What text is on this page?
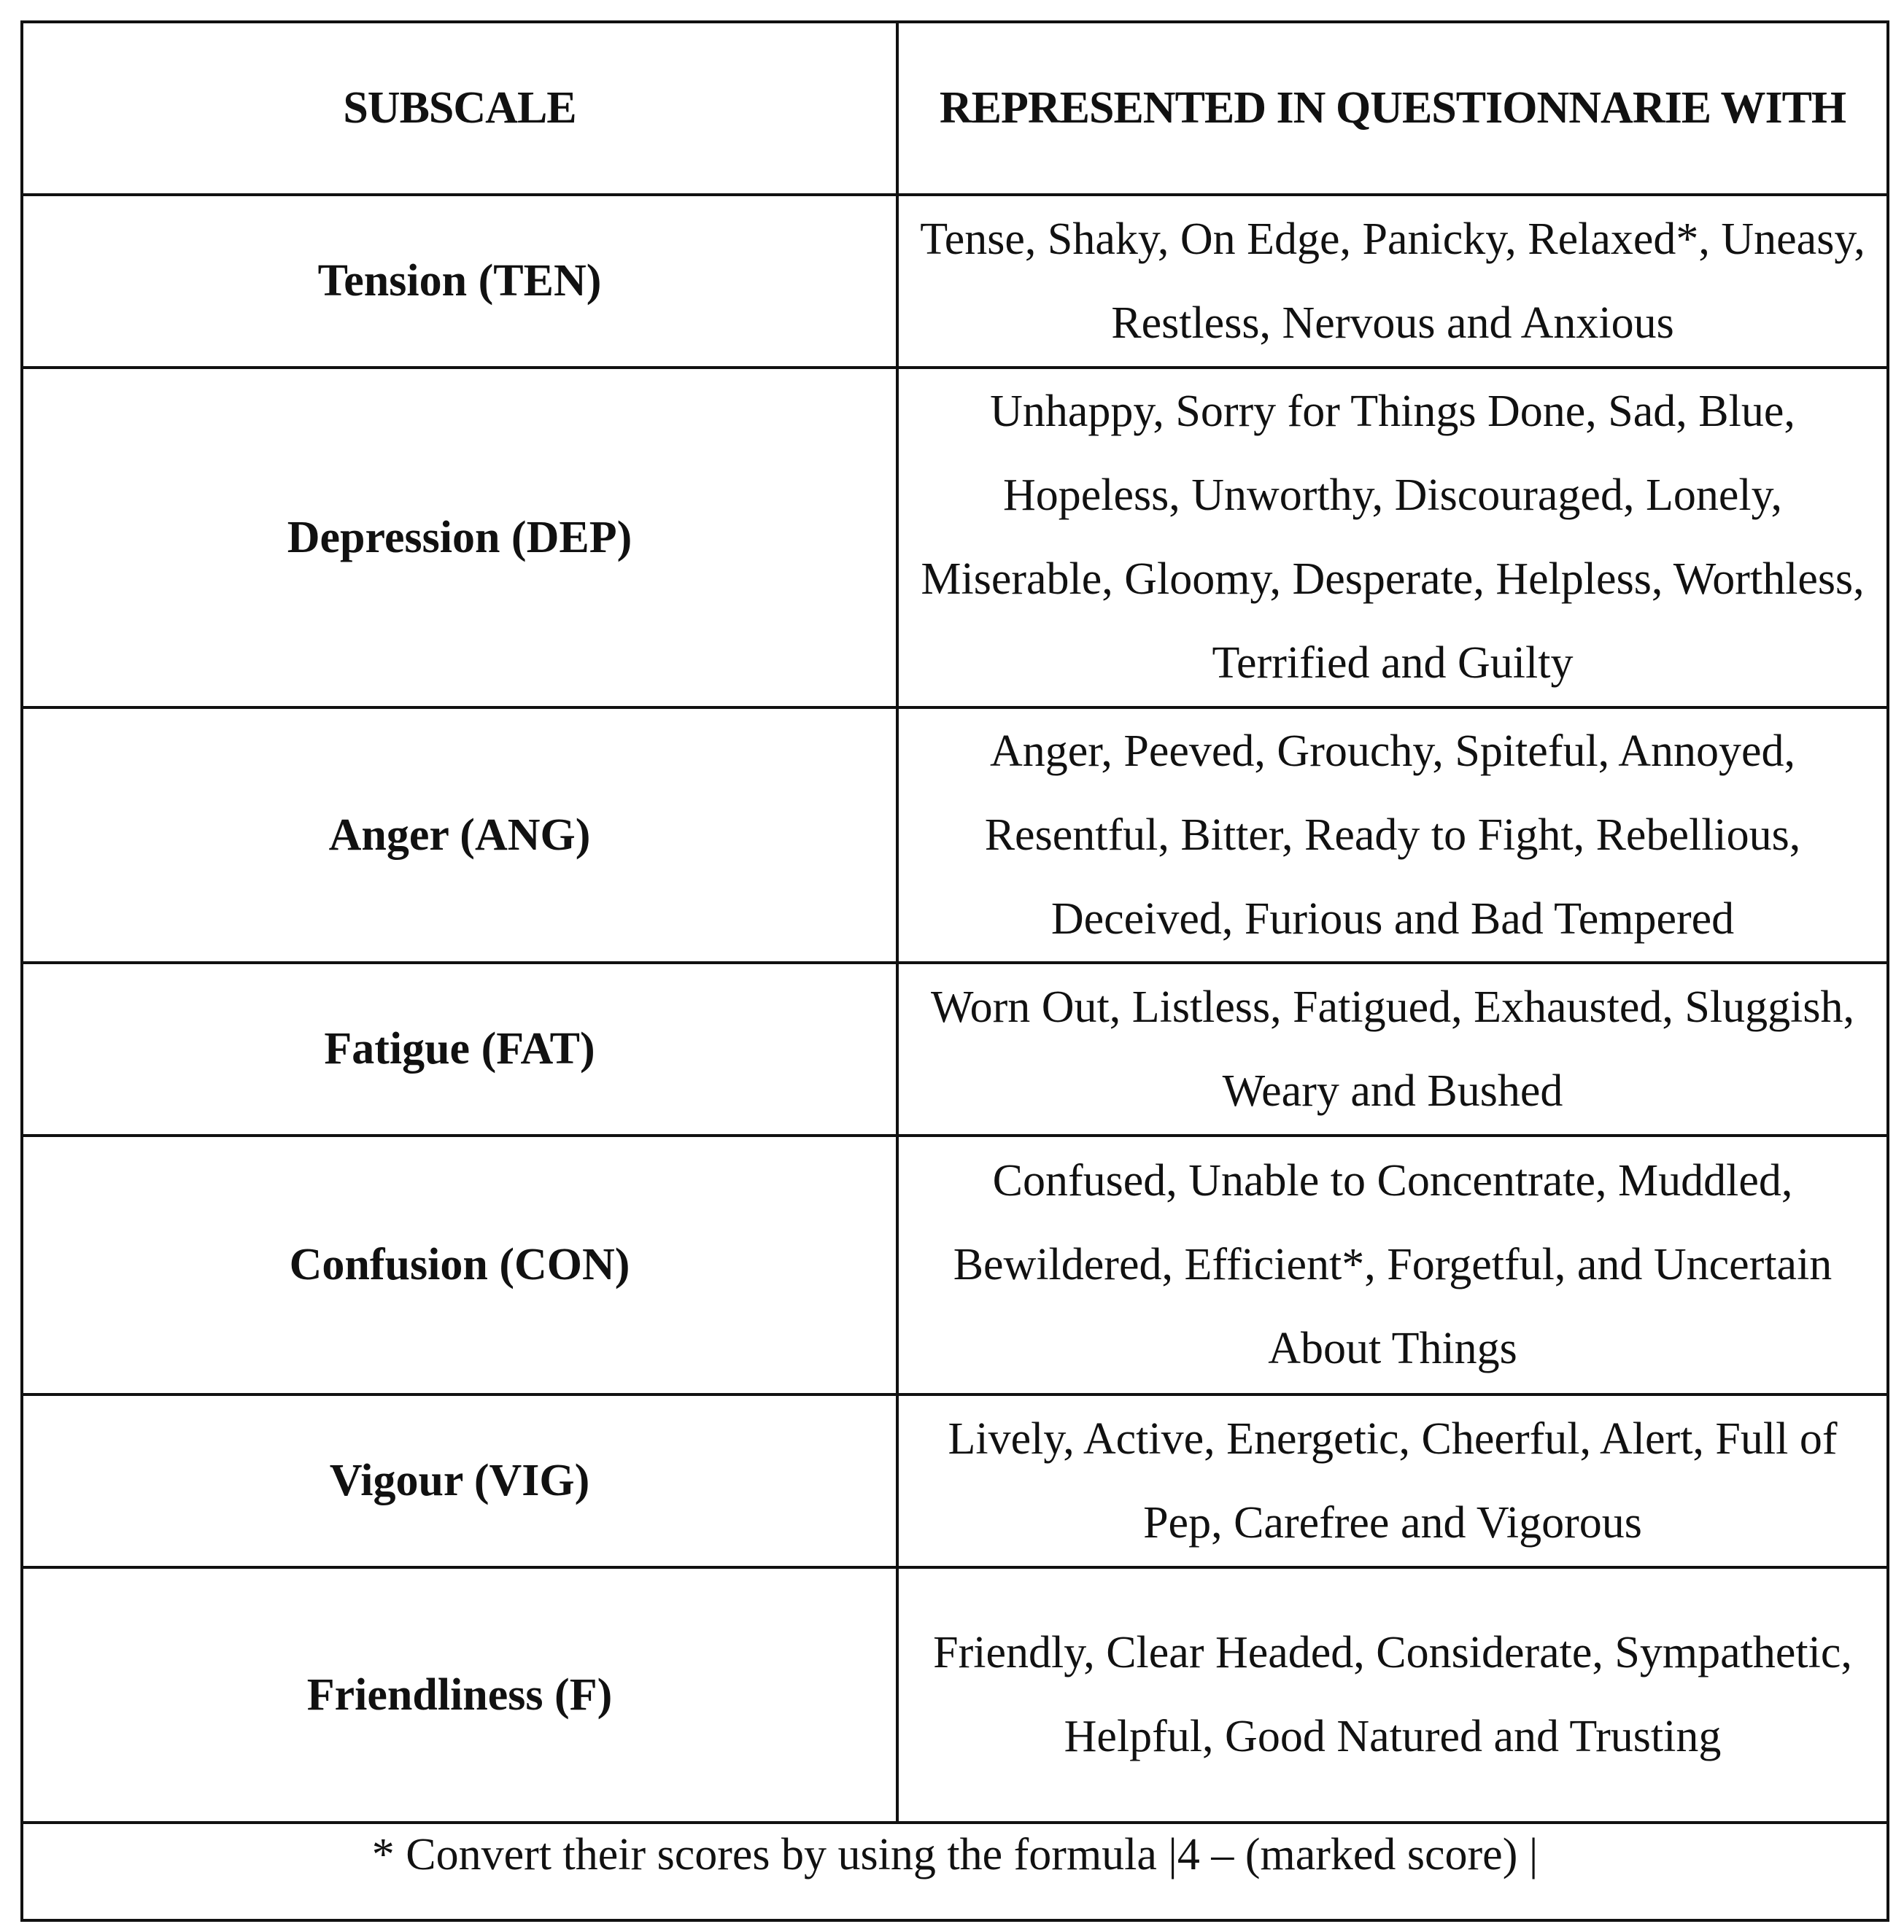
SUBSCALE	REPRESENTED IN QUESTIONNARIE WITH
Tension (TEN)	Tense, Shaky, On Edge, Panicky, Relaxed*, Uneasy, Restless, Nervous and Anxious
Depression (DEP)	Unhappy, Sorry for Things Done, Sad, Blue, Hopeless, Unworthy, Discouraged, Lonely, Miserable, Gloomy, Desperate, Helpless, Worthless, Terrified and Guilty
Anger (ANG)	Anger, Peeved, Grouchy, Spiteful, Annoyed, Resentful, Bitter, Ready to Fight, Rebellious, Deceived, Furious and Bad Tempered
Fatigue (FAT)	Worn Out, Listless, Fatigued, Exhausted, Sluggish, Weary and Bushed
Confusion (CON)	Confused, Unable to Concentrate, Muddled, Bewildered, Efficient*, Forgetful, and Uncertain About Things
Vigour (VIG)	Lively, Active, Energetic, Cheerful, Alert, Full of Pep, Carefree and Vigorous
Friendliness (F)	Friendly, Clear Headed, Considerate, Sympathetic, Helpful, Good Natured and Trusting
* Convert their scores by using the formula |4 – (marked score) |	
